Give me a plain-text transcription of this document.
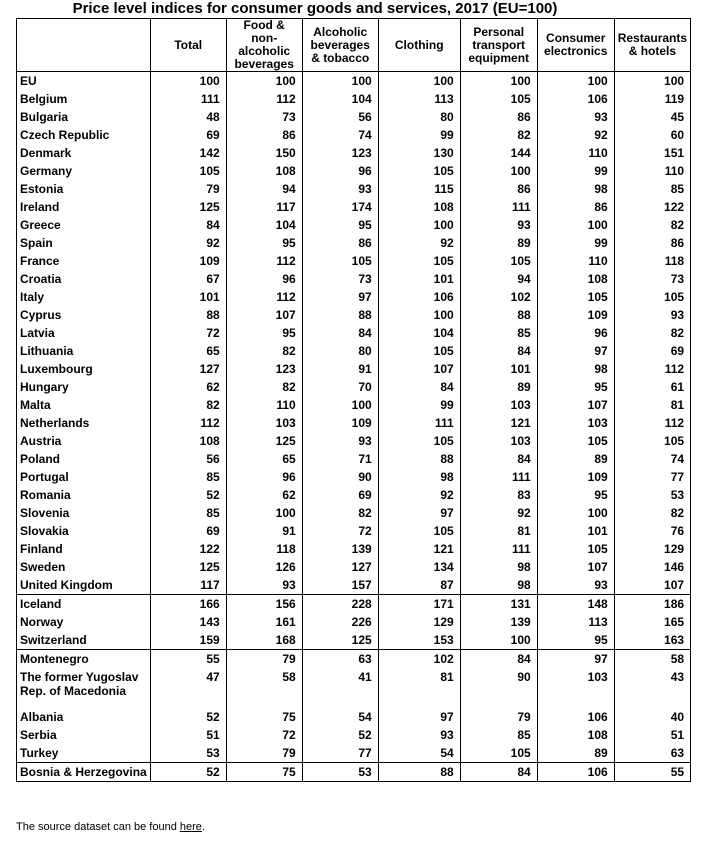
Price level indices for consumer goods and services, 2017 (EU=100)
	Total	Food & non-alcoholic beverages	Alcoholic beverages & tobacco	Clothing	Personal transport equipment	Consumer electronics	Restaurants & hotels
EU	100	100	100	100	100	100	100
Belgium	111	112	104	113	105	106	119
Bulgaria	48	73	56	80	86	93	45
Czech Republic	69	86	74	99	82	92	60
Denmark	142	150	123	130	144	110	151
Germany	105	108	96	105	100	99	110
Estonia	79	94	93	115	86	98	85
Ireland	125	117	174	108	111	86	122
Greece	84	104	95	100	93	100	82
Spain	92	95	86	92	89	99	86
France	109	112	105	105	105	110	118
Croatia	67	96	73	101	94	108	73
Italy	101	112	97	106	102	105	105
Cyprus	88	107	88	100	88	109	93
Latvia	72	95	84	104	85	96	82
Lithuania	65	82	80	105	84	97	69
Luxembourg	127	123	91	107	101	98	112
Hungary	62	82	70	84	89	95	61
Malta	82	110	100	99	103	107	81
Netherlands	112	103	109	111	121	103	112
Austria	108	125	93	105	103	105	105
Poland	56	65	71	88	84	89	74
Portugal	85	96	90	98	111	109	77
Romania	52	62	69	92	83	95	53
Slovenia	85	100	82	97	92	100	82
Slovakia	69	91	72	105	81	101	76
Finland	122	118	139	121	111	105	129
Sweden	125	126	127	134	98	107	146
United Kingdom	117	93	157	87	98	93	107
Iceland	166	156	228	171	131	148	186
Norway	143	161	226	129	139	113	165
Switzerland	159	168	125	153	100	95	163
Montenegro	55	79	63	102	84	97	58
The former Yugoslav Rep. of Macedonia	47	58	41	81	90	103	43
Albania	52	75	54	97	79	106	40
Serbia	51	72	52	93	85	108	51
Turkey	53	79	77	54	105	89	63
Bosnia & Herzegovina	52	75	53	88	84	106	55
The source dataset can be found here.
